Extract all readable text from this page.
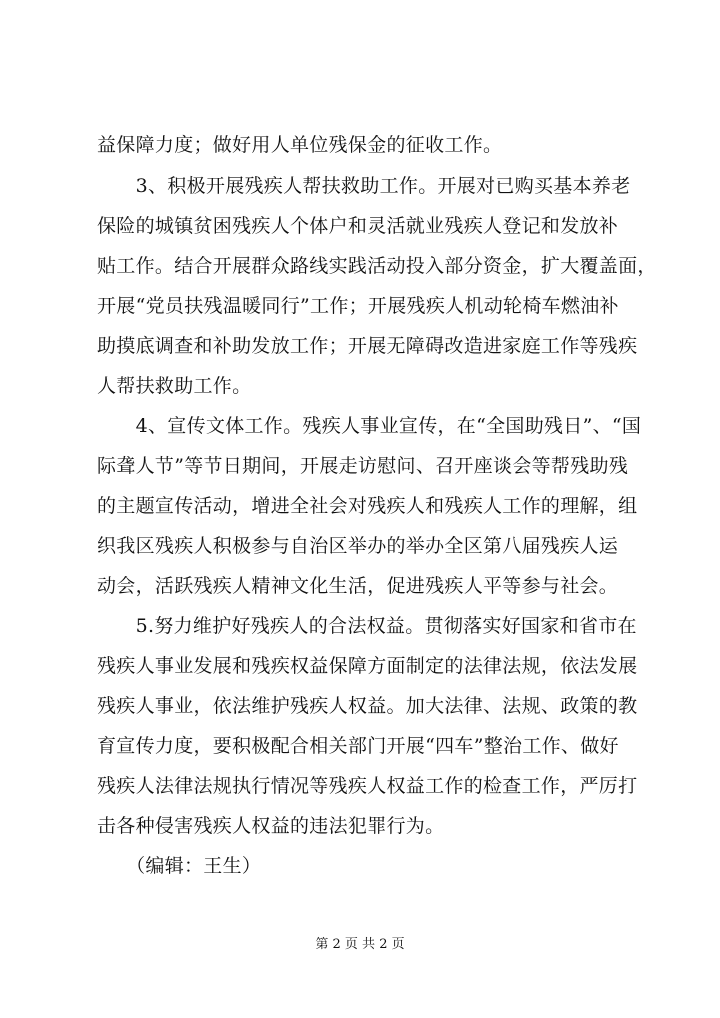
益保障力度；做好用人单位残保金的征收工作。
　　3、积极开展残疾人帮扶救助工作。开展对已购买基本养老
保险的城镇贫困残疾人个体户和灵活就业残疾人登记和发放补
贴工作。结合开展群众路线实践活动投入部分资金，扩大覆盖面，
开展“党员扶残温暖同行”工作；开展残疾人机动轮椅车燃油补
助摸底调查和补助发放工作；开展无障碍改造进家庭工作等残疾
人帮扶救助工作。
　　4、宣传文体工作。残疾人事业宣传，在“全国助残日”、“国
际聋人节”等节日期间，开展走访慰问、召开座谈会等帮残助残
的主题宣传活动，增进全社会对残疾人和残疾人工作的理解，组
织我区残疾人积极参与自治区举办的举办全区第八届残疾人运
动会，活跃残疾人精神文化生活，促进残疾人平等参与社会。
　　5.努力维护好残疾人的合法权益。贯彻落实好国家和省市在
残疾人事业发展和残疾权益保障方面制定的法律法规，依法发展
残疾人事业，依法维护残疾人权益。加大法律、法规、政策的教
育宣传力度，要积极配合相关部门开展“四车”整治工作、做好
残疾人法律法规执行情况等残疾人权益工作的检查工作，严厉打
击各种侵害残疾人权益的违法犯罪行为。
　　（编辑：王生）
第 2 页 共 2 页
